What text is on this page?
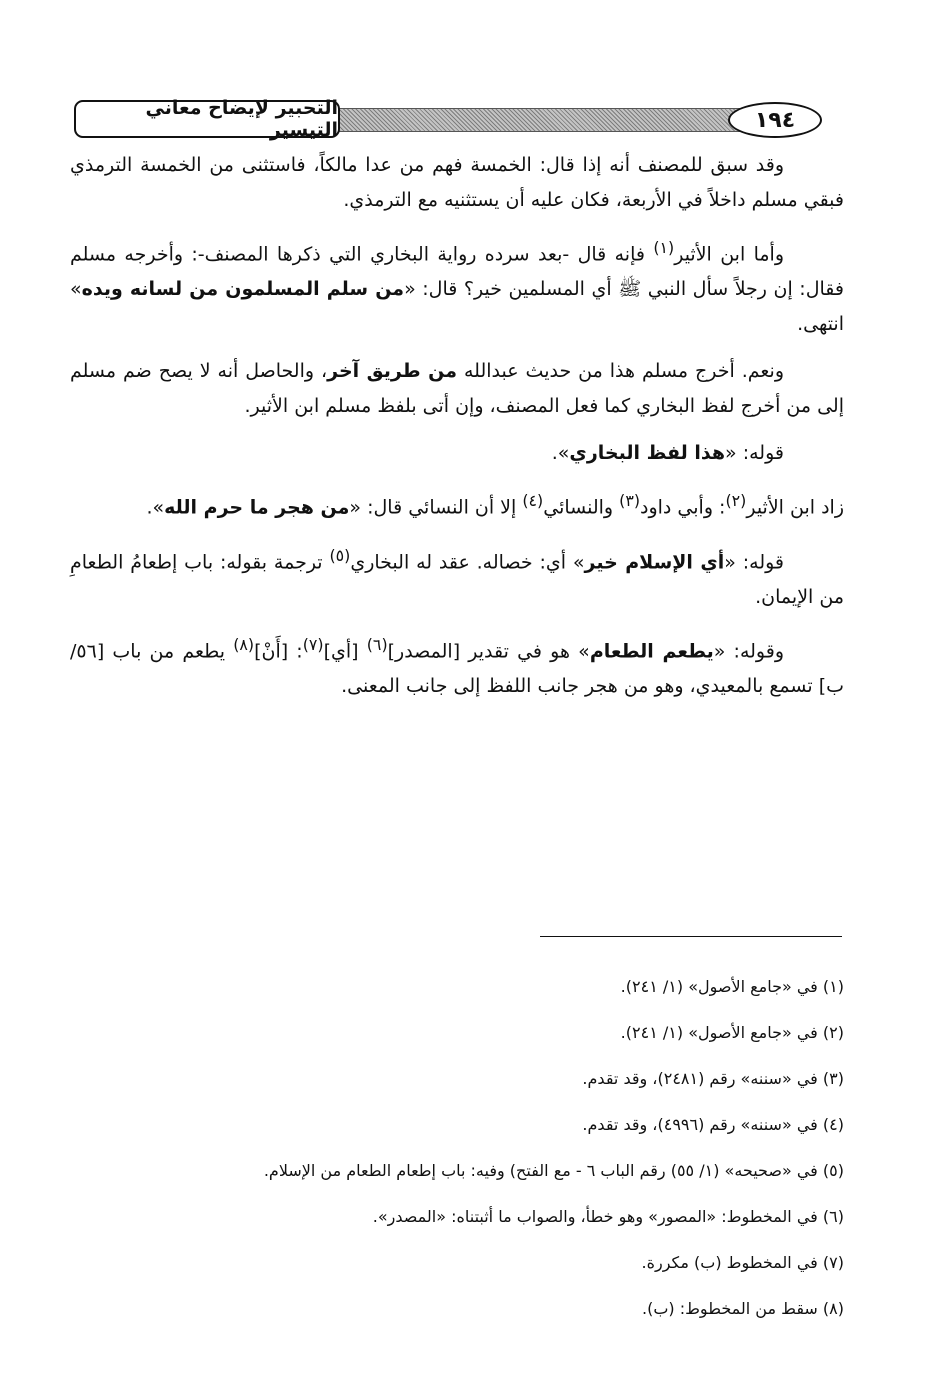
التحبير لإيضاح معاني التيسير	١٩٤

وقد سبق للمصنف أنه إذا قال: الخمسة فهم من عدا مالكاً، فاستثنى من الخمسة الترمذي فبقي مسلم داخلاً في الأربعة، فكان عليه أن يستثنيه مع الترمذي.

وأما ابن الأثير$^{(١)}$ فإنه قال -بعد سرده رواية البخاري التي ذكرها المصنف-: وأخرجه مسلم فقال: إن رجلاً سأل النبي ﷺ أي المسلمين خير؟ قال: «من سلم المسلمون من لسانه ويده» انتهى.

ونعم. أخرج مسلم هذا من حديث عبدالله من طريق آخر، والحاصل أنه لا يصح ضم مسلم إلى من أخرج لفظ البخاري كما فعل المصنف، وإن أتى بلفظ مسلم ابن الأثير.

قوله: «هذا لفظ البخاري».

زاد ابن الأثير$^{(٢)}$: وأبي داود$^{(٣)}$ والنسائي$^{(٤)}$ إلا أن النسائي قال: «من هجر ما حرم الله».

قوله: «أي الإسلام خير» أي: خصاله. عقد له البخاري$^{(٥)}$ ترجمة بقوله: باب إطعامُ الطعامِ من الإيمان.

وقوله: «يطعم الطعام» هو في تقدير [المصدر]$^{(٦)}$ [أي]$^{(٧)}$: [أَنْ]$^{(٨)}$ يطعم من باب [٥٦/ ب] تسمع بالمعيدي، وهو من هجر جانب اللفظ إلى جانب المعنى.

(١) في «جامع الأصول» (١/ ٢٤١).
(٢) في «جامع الأصول» (١/ ٢٤١).
(٣) في «سننه» رقم (٢٤٨١)، وقد تقدم.
(٤) في «سننه» رقم (٤٩٩٦)، وقد تقدم.
(٥) في «صحيحه» (١/ ٥٥) رقم الباب ٦ - مع الفتح) وفيه: باب إطعام الطعام من الإسلام.
(٦) في المخطوط: «المصور» وهو خطأ، والصواب ما أثبتناه: «المصدر».
(٧) في المخطوط (ب) مكررة.
(٨) سقط من المخطوط: (ب).
